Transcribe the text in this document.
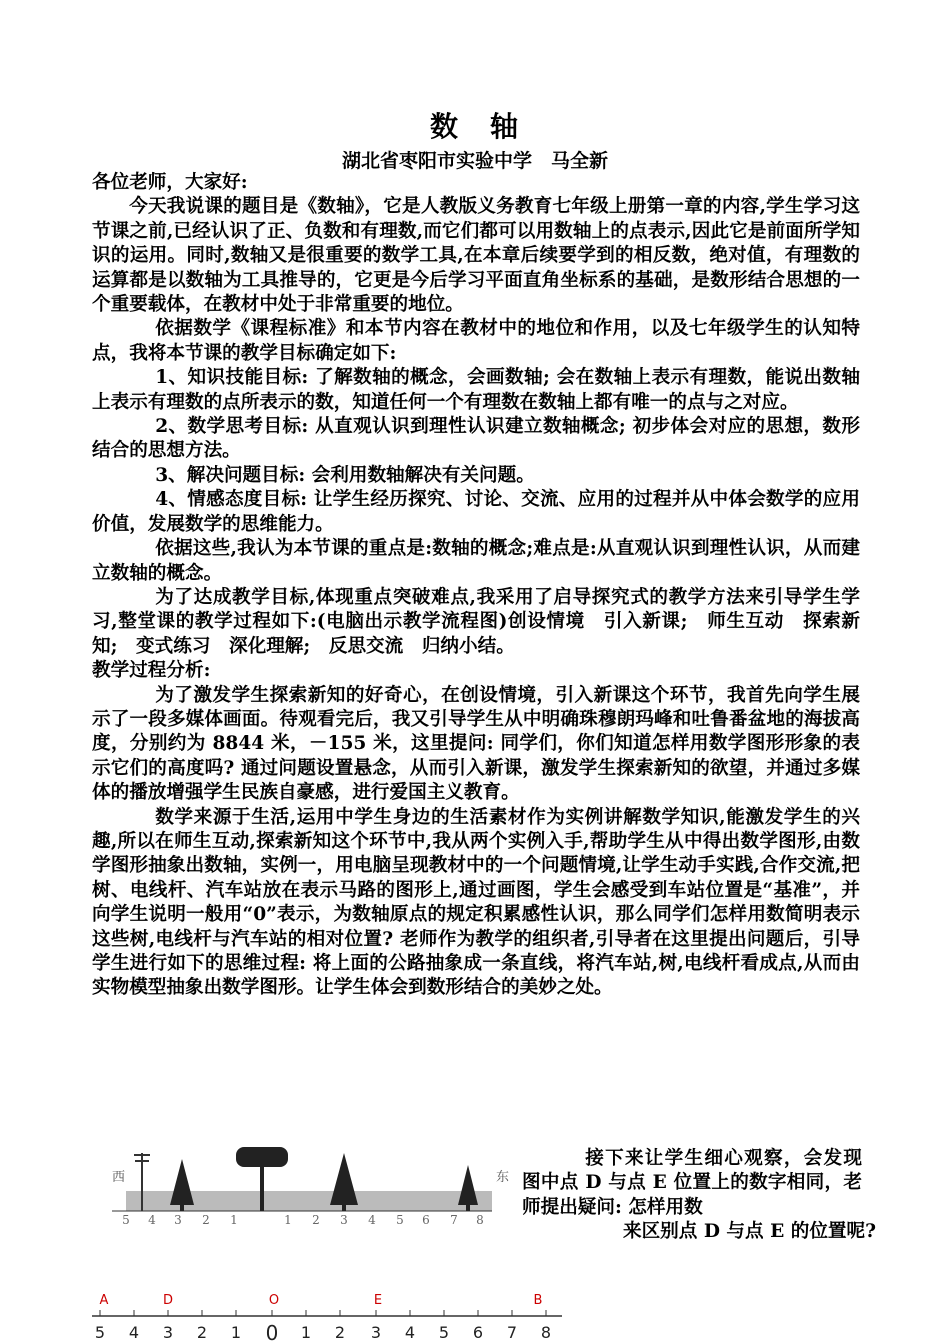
数　轴
湖北省枣阳市实验中学　马全新

各位老师，大家好:

今天我说课的题目是《数轴》，它是人教版义务教育七年级上册第一章的内容,学生学习这节课之前,已经认识了正、负数和有理数,而它们都可以用数轴上的点表示,因此它是前面所学知识的运用。同时,数轴又是很重要的数学工具,在本章后续要学到的相反数，绝对值，有理数的运算都是以数轴为工具推导的，它更是今后学习平面直角坐标系的基础，是数形结合思想的一个重要载体，在教材中处于非常重要的地位。

依据数学《课程标准》和本节内容在教材中的地位和作用，以及七年级学生的认知特点，我将本节课的教学目标确定如下:

1、知识技能目标: 了解数轴的概念，会画数轴; 会在数轴上表示有理数，能说出数轴上表示有理数的点所表示的数，知道任何一个有理数在数轴上都有唯一的点与之对应。

2、数学思考目标: 从直观认识到理性认识建立数轴概念; 初步体会对应的思想，数形结合的思想方法。

3、解决问题目标: 会利用数轴解决有关问题。

4、情感态度目标: 让学生经历探究、讨论、交流、应用的过程并从中体会数学的应用价值，发展数学的思维能力。

依据这些,我认为本节课的重点是:数轴的概念;难点是:从直观认识到理性认识，从而建立数轴的概念。

为了达成教学目标,体现重点突破难点,我采用了启导探究式的教学方法来引导学生学习,整堂课的教学过程如下:(电脑出示教学流程图)创设情境　引入新课;　师生互动　探索新知;　变式练习　深化理解;　反思交流　归纳小结。

教学过程分析:

为了激发学生探索新知的好奇心，在创设情境，引入新课这个环节，我首先向学生展示了一段多媒体画面。待观看完后，我又引导学生从中明确珠穆朗玛峰和吐鲁番盆地的海拔高度，分别约为 8844 米，－155 米，这里提问: 同学们，你们知道怎样用数学图形形象的表示它们的高度吗? 通过问题设置悬念，从而引入新课，激发学生探索新知的欲望，并通过多媒体的播放增强学生民族自豪感，进行爱国主义教育。

数学来源于生活,运用中学生身边的生活素材作为实例讲解数学知识,能激发学生的兴趣,所以在师生互动,探索新知这个环节中,我从两个实例入手,帮助学生从中得出数学图形,由数学图形抽象出数轴，实例一，用电脑呈现教材中的一个问题情境,让学生动手实践,合作交流,把树、电线杆、汽车站放在表示马路的图形上,通过画图，学生会感受到车站位置是“基准”，并向学生说明一般用“0”表示，为数轴原点的规定积累感性认识，那么同学们怎样用数简明表示这些树,电线杆与汽车站的相对位置? 老师作为教学的组织者,引导者在这里提出问题后，引导学生进行如下的思维过程: 将上面的公路抽象成一条直线，将汽车站,树,电线杆看成点,从而由实物模型抽象出数学图形。让学生体会到数形结合的美妙之处。

西	东
5 4 3 2 1	1 2 3 4 5 6 7 8

接下来让学生细心观察，会发现图中点 D 与点 E 位置上的数字相同，老师提出疑问: 怎样用数

来区别点 D 与点 E 的位置呢?

A	D	O	E	B
5 4 3 2 1 0 1 2 3 4 5 6 7 8
